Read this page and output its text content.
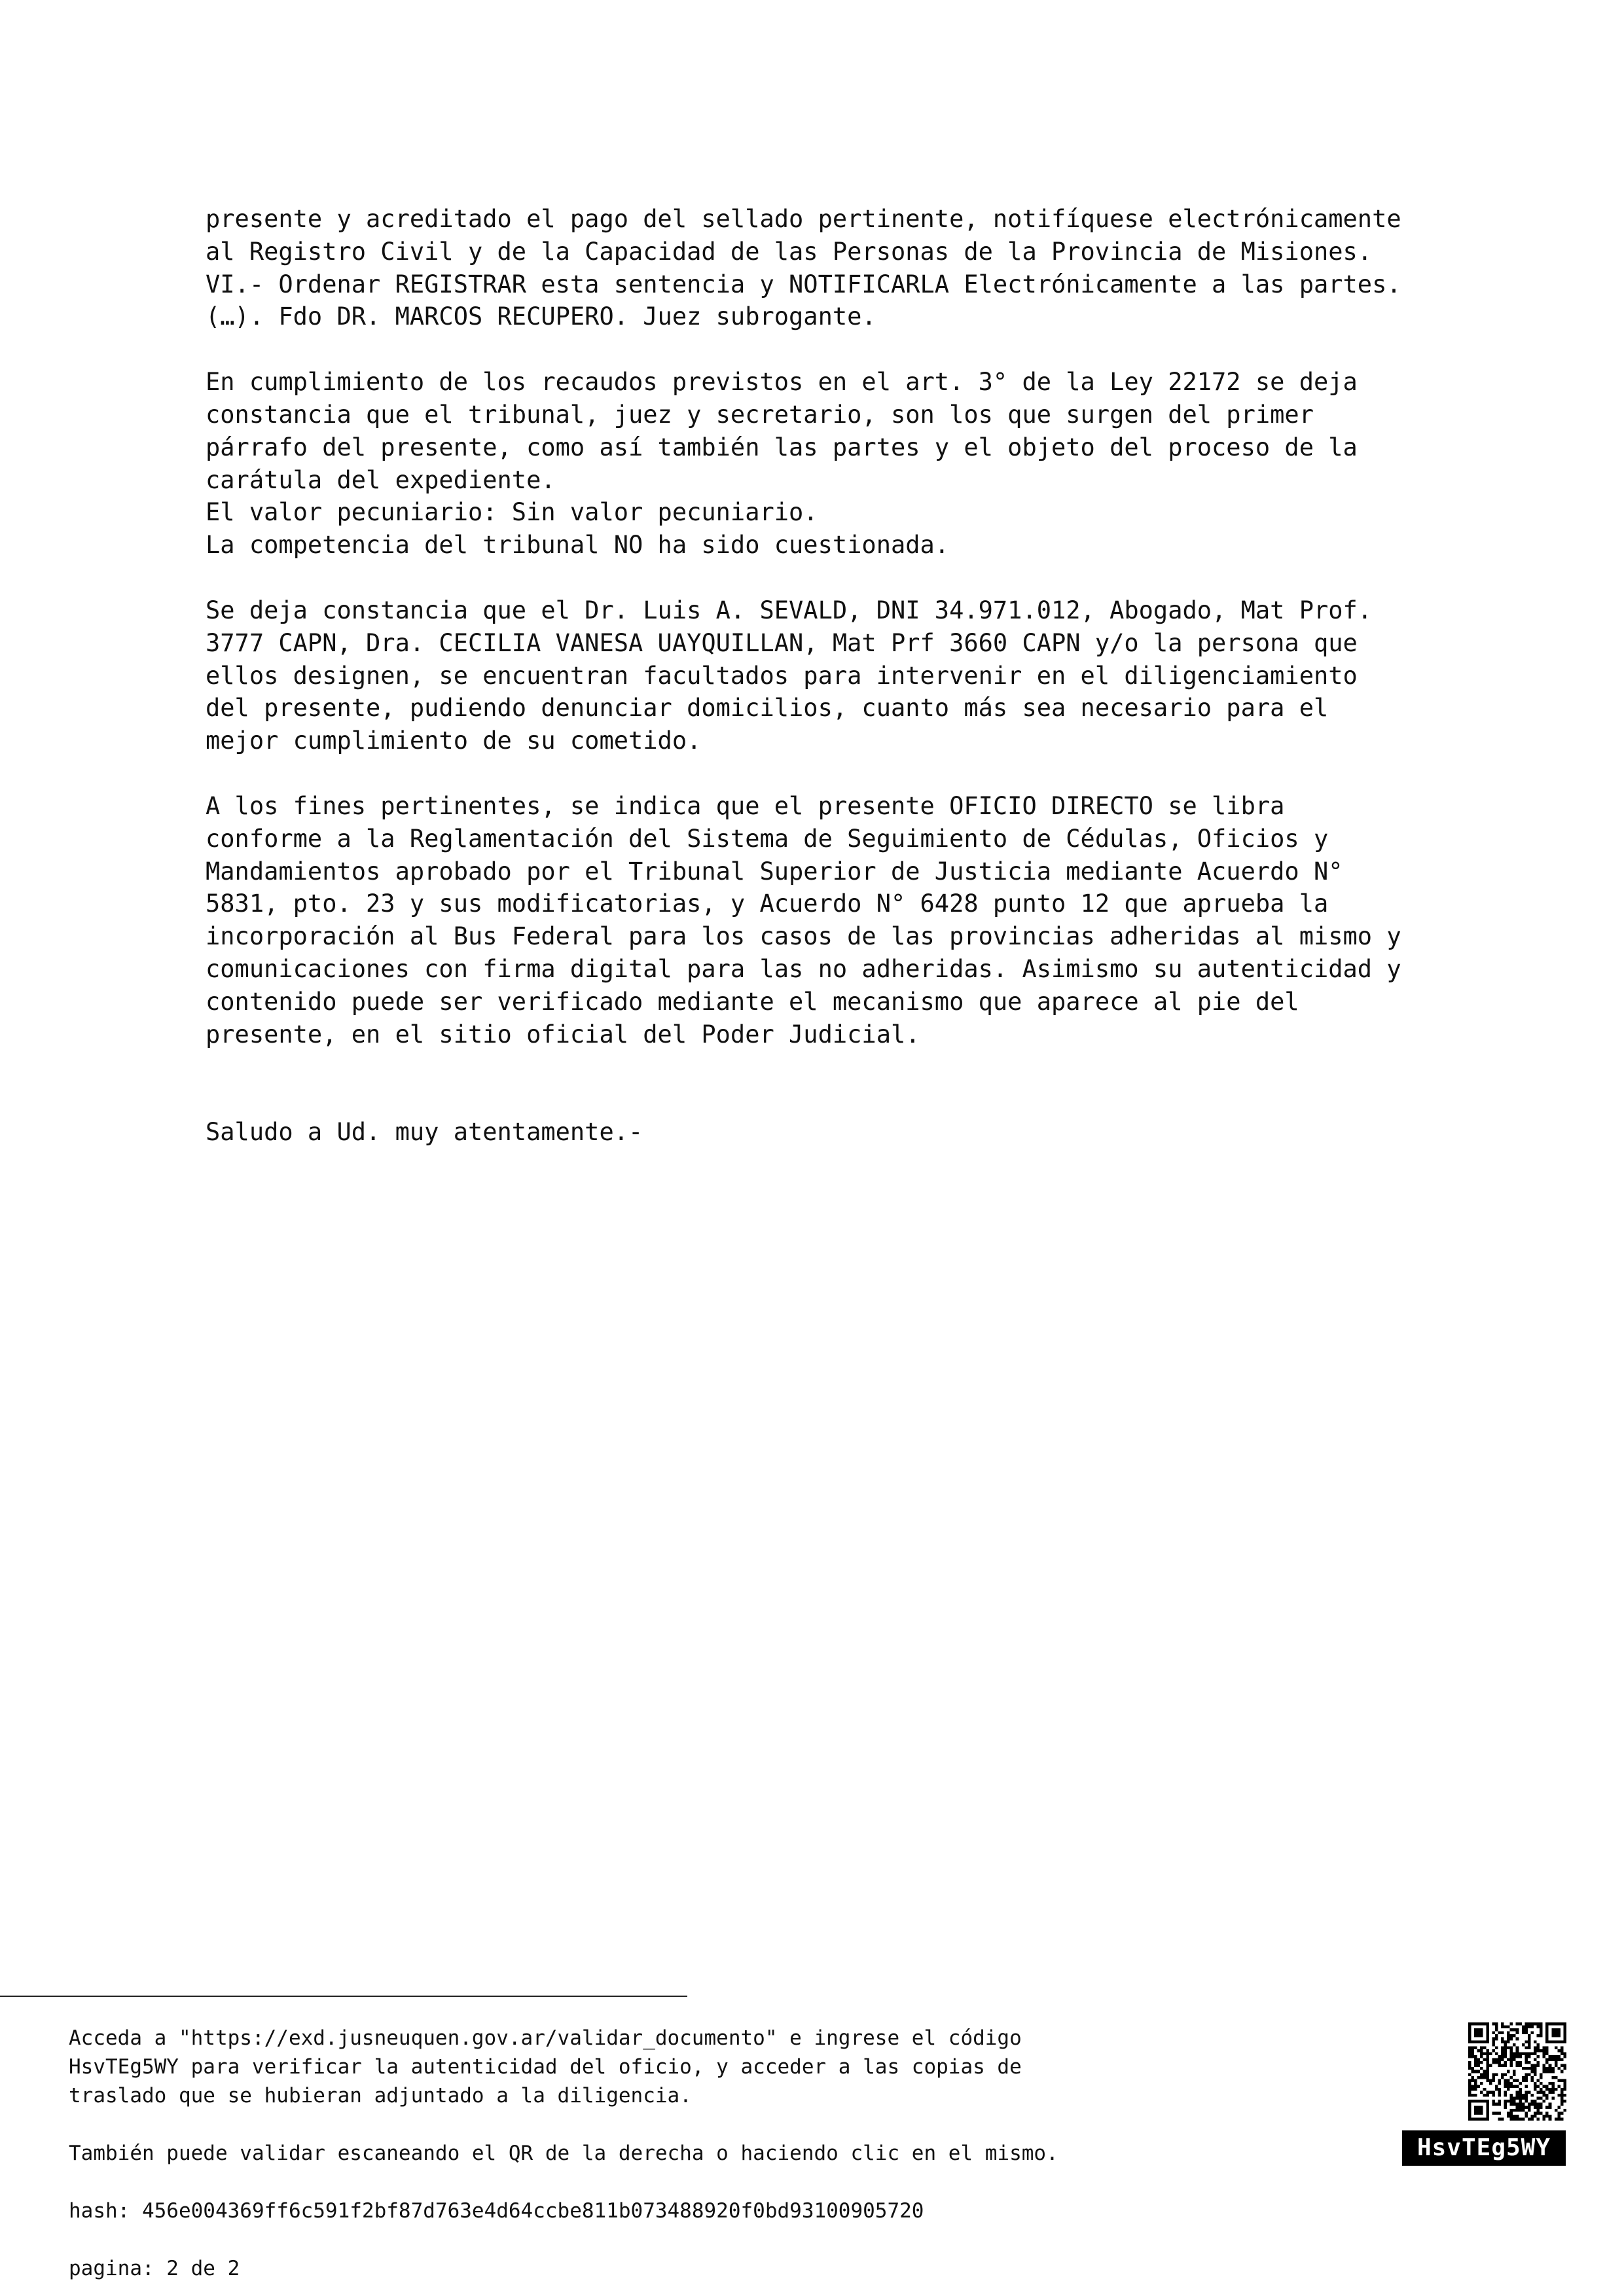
presente y acreditado el pago del sellado pertinente, notifíquese electrónicamente
al Registro Civil y de la Capacidad de las Personas de la Provincia de Misiones.
VI.- Ordenar REGISTRAR esta sentencia y NOTIFICARLA Electrónicamente a las partes.
(…). Fdo DR. MARCOS RECUPERO. Juez subrogante.

En cumplimiento de los recaudos previstos en el art. 3° de la Ley 22172 se deja
constancia que el tribunal, juez y secretario, son los que surgen del primer
párrafo del presente, como así también las partes y el objeto del proceso de la
carátula del expediente.
El valor pecuniario: Sin valor pecuniario.
La competencia del tribunal NO ha sido cuestionada.

Se deja constancia que el Dr. Luis A. SEVALD, DNI 34.971.012, Abogado, Mat Prof.
3777 CAPN, Dra. CECILIA VANESA UAYQUILLAN, Mat Prf 3660 CAPN y/o la persona que
ellos designen, se encuentran facultados para intervenir en el diligenciamiento
del presente, pudiendo denunciar domicilios, cuanto más sea necesario para el
mejor cumplimiento de su cometido.

A los fines pertinentes, se indica que el presente OFICIO DIRECTO se libra
conforme a la Reglamentación del Sistema de Seguimiento de Cédulas, Oficios y
Mandamientos aprobado por el Tribunal Superior de Justicia mediante Acuerdo N°
5831, pto. 23 y sus modificatorias, y Acuerdo N° 6428 punto 12 que aprueba la
incorporación al Bus Federal para los casos de las provincias adheridas al mismo y
comunicaciones con firma digital para las no adheridas. Asimismo su autenticidad y
contenido puede ser verificado mediante el mecanismo que aparece al pie del
presente, en el sitio oficial del Poder Judicial.

Saludo a Ud. muy atentamente.-

Acceda a "https://exd.jusneuquen.gov.ar/validar_documento" e ingrese el código
HsvTEg5WY para verificar la autenticidad del oficio, y acceder a las copias de
traslado que se hubieran adjuntado a la diligencia.

También puede validar escaneando el QR de la derecha o haciendo clic en el mismo.

hash: 456e004369ff6c591f2bf87d763e4d64ccbe811b073488920f0bd93100905720

pagina: 2 de 2

HsvTEg5WY
